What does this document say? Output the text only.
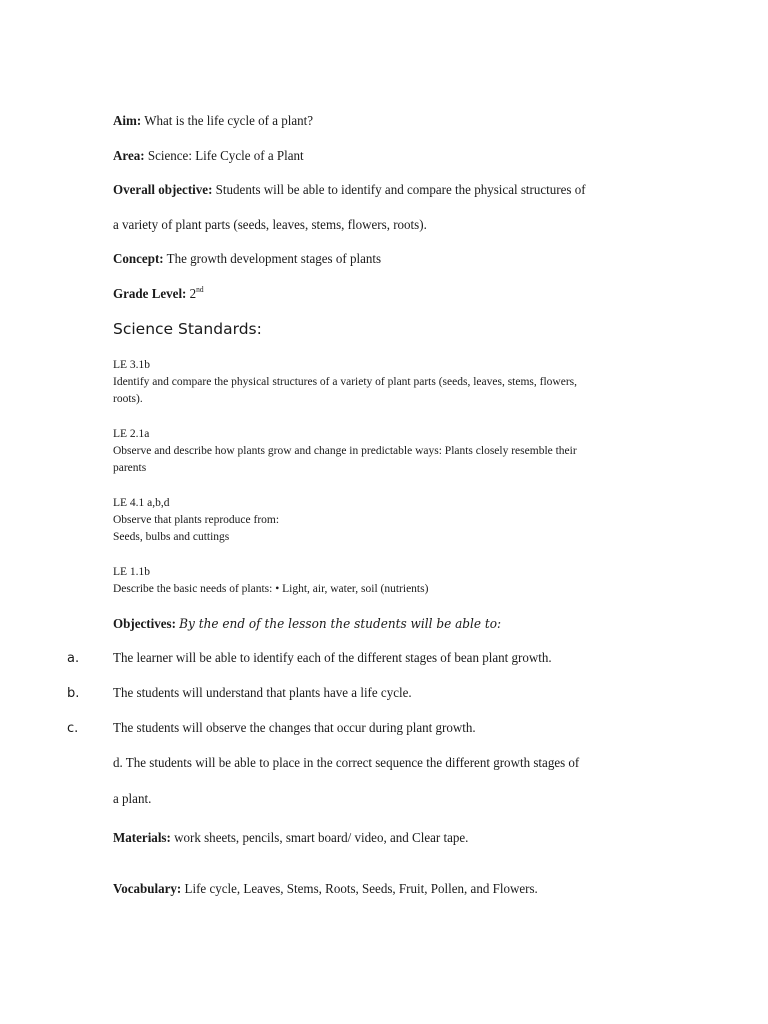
Aim: What is the life cycle of a plant?
Area: Science: Life Cycle of a Plant
Overall objective: Students will be able to identify and compare the physical structures of
a variety of plant parts (seeds, leaves, stems, flowers, roots).
Concept: The growth development stages of plants
Grade Level: 2nd
Science Standards:
LE 3.1b
Identify and compare the physical structures of a variety of plant parts (seeds, leaves, stems, flowers,
roots).
LE 2.1a
Observe and describe how plants grow and change in predictable ways: Plants closely resemble their
parents
LE 4.1 a,b,d
Observe that plants reproduce from:
Seeds, bulbs and cuttings
LE 1.1b
Describe the basic needs of plants: • Light, air, water, soil (nutrients)
Objectives: By the end of the lesson the students will be able to:
a. The learner will be able to identify each of the different stages of bean plant growth.
b. The students will understand that plants have a life cycle.
c. The students will observe the changes that occur during plant growth.
d. The students will be able to place in the correct sequence the different growth stages of
a plant.
Materials: work sheets, pencils, smart board/ video, and Clear tape.
Vocabulary: Life cycle, Leaves, Stems, Roots, Seeds, Fruit, Pollen, and Flowers.
